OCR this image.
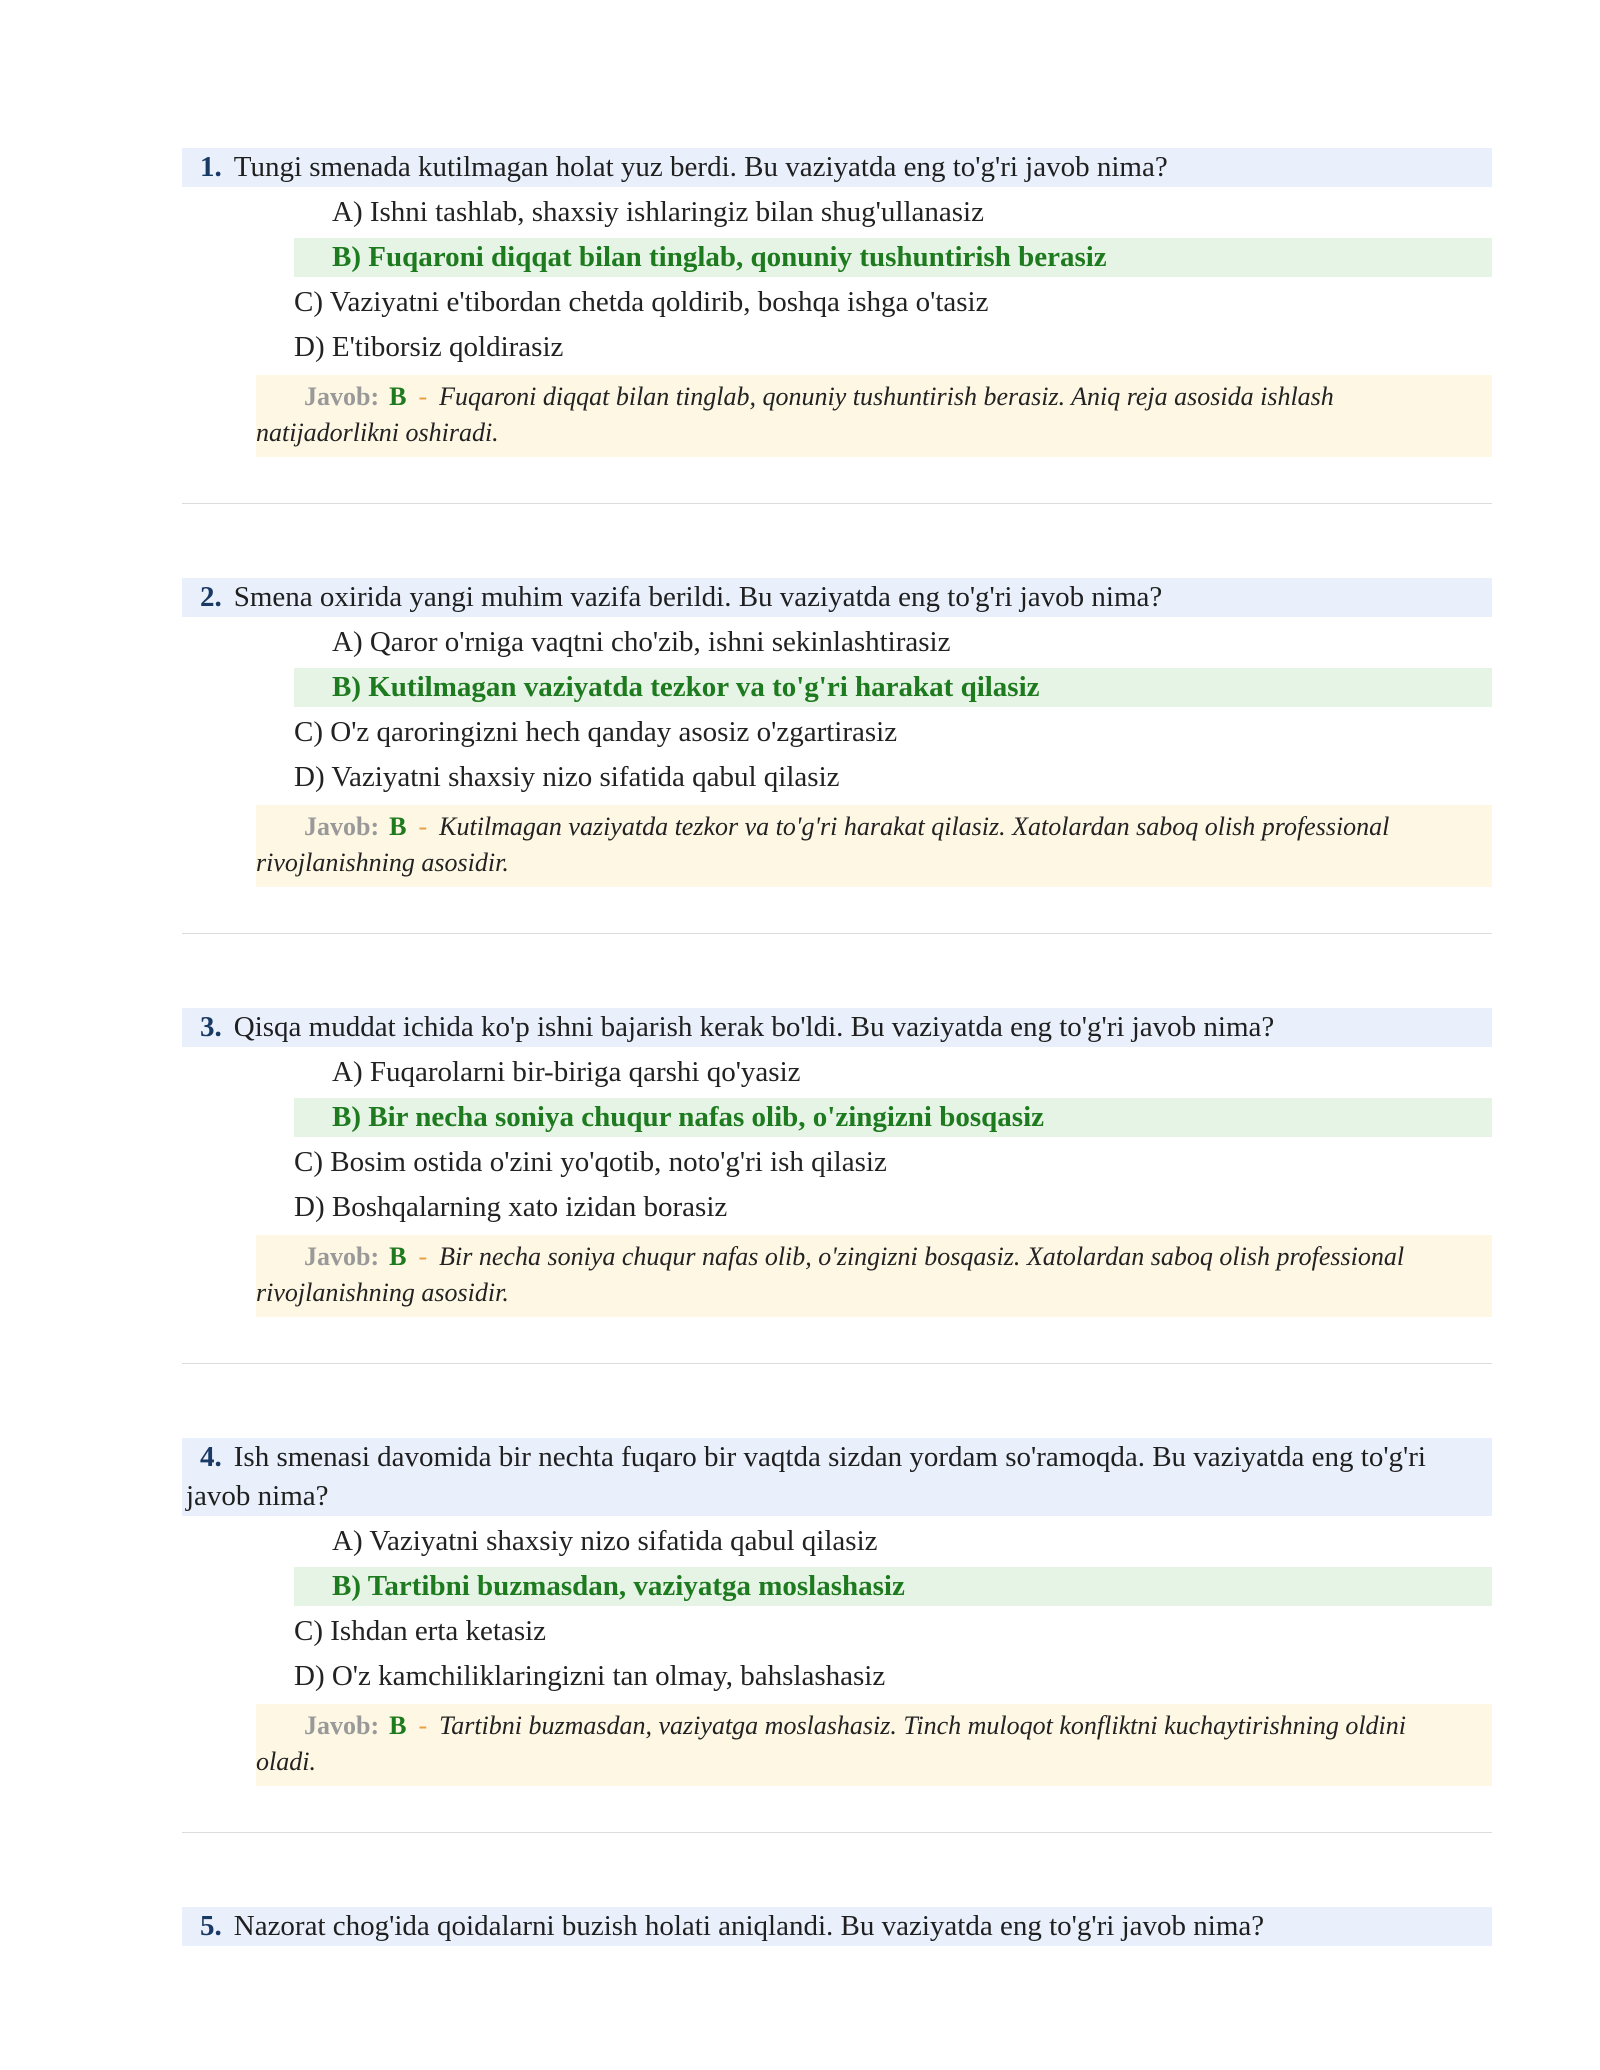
1. Tungi smenada kutilmagan holat yuz berdi. Bu vaziyatda eng to'g'ri javob nima?
A) Ishni tashlab, shaxsiy ishlaringiz bilan shug'ullanasiz
B) Fuqaroni diqqat bilan tinglab, qonuniy tushuntirish berasiz
C) Vaziyatni e'tibordan chetda qoldirib, boshqa ishga o'tasiz
D) E'tiborsiz qoldirasiz
Javob: B - Fuqaroni diqqat bilan tinglab, qonuniy tushuntirish berasiz. Aniq reja asosida ishlash natijadorlikni oshiradi.
2. Smena oxirida yangi muhim vazifa berildi. Bu vaziyatda eng to'g'ri javob nima?
A) Qaror o'rniga vaqtni cho'zib, ishni sekinlashtirasiz
B) Kutilmagan vaziyatda tezkor va to'g'ri harakat qilasiz
C) O'z qaroringizni hech qanday asosiz o'zgartirasiz
D) Vaziyatni shaxsiy nizo sifatida qabul qilasiz
Javob: B - Kutilmagan vaziyatda tezkor va to'g'ri harakat qilasiz. Xatolardan saboq olish professional rivojlanishning asosidir.
3. Qisqa muddat ichida ko'p ishni bajarish kerak bo'ldi. Bu vaziyatda eng to'g'ri javob nima?
A) Fuqarolarni bir-biriga qarshi qo'yasiz
B) Bir necha soniya chuqur nafas olib, o'zingizni bosqasiz
C) Bosim ostida o'zini yo'qotib, noto'g'ri ish qilasiz
D) Boshqalarning xato izidan borasiz
Javob: B - Bir necha soniya chuqur nafas olib, o'zingizni bosqasiz. Xatolardan saboq olish professional rivojlanishning asosidir.
4. Ish smenasi davomida bir nechta fuqaro bir vaqtda sizdan yordam so'ramoqda. Bu vaziyatda eng to'g'ri javob nima?
A) Vaziyatni shaxsiy nizo sifatida qabul qilasiz
B) Tartibni buzmasdan, vaziyatga moslashasiz
C) Ishdan erta ketasiz
D) O'z kamchiliklaringizni tan olmay, bahslashasiz
Javob: B - Tartibni buzmasdan, vaziyatga moslashasiz. Tinch muloqot konfliktni kuchaytirishning oldini oladi.
5. Nazorat chog'ida qoidalarni buzish holati aniqlandi. Bu vaziyatda eng to'g'ri javob nima?
